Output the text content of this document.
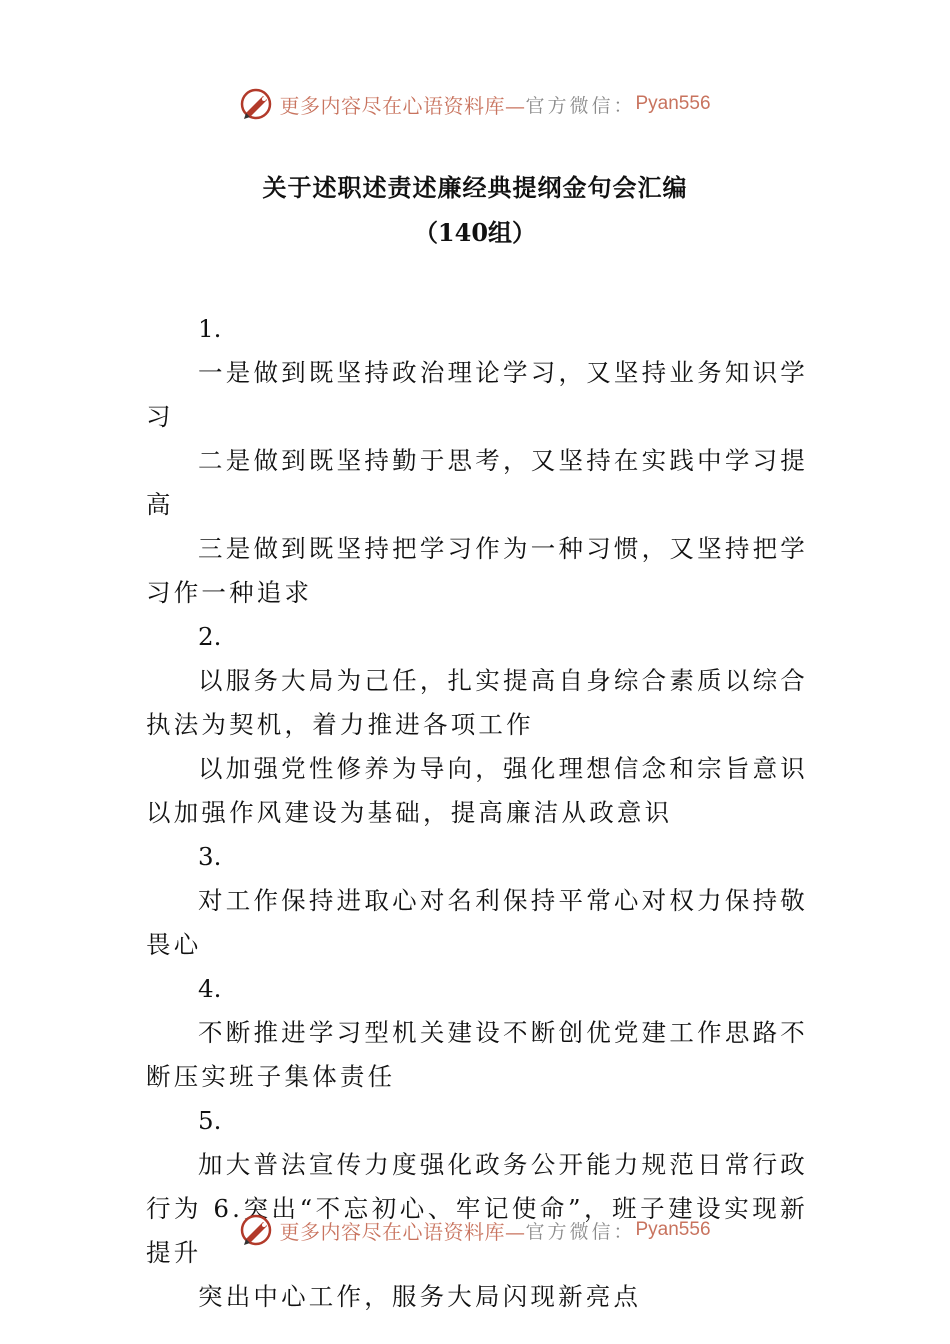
更多内容尽在心语资料库— 官方微信： Pyan556
关于述职述责述廉经典提纲金句会汇编
（140组）

1.

一是做到既坚持政治理论学习，又坚持业务知识学习

二是做到既坚持勤于思考，又坚持在实践中学习提高

三是做到既坚持把学习作为一种习惯，又坚持把学习作一种追求

2.

以服务大局为己任，扎实提高自身综合素质以综合执法为契机，着力推进各项工作

以加强党性修养为导向，强化理想信念和宗旨意识以加强作风建设为基础，提高廉洁从政意识

3.

对工作保持进取心对名利保持平常心对权力保持敬畏心

4.

不断推进学习型机关建设不断创优党建工作思路不断压实班子集体责任

5.

加大普法宣传力度强化政务公开能力规范日常行政行为 6.突出“不忘初心、牢记使命”，班子建设实现新提升

突出中心工作，服务大局闪现新亮点

更多内容尽在心语资料库— 官方微信： Pyan556
